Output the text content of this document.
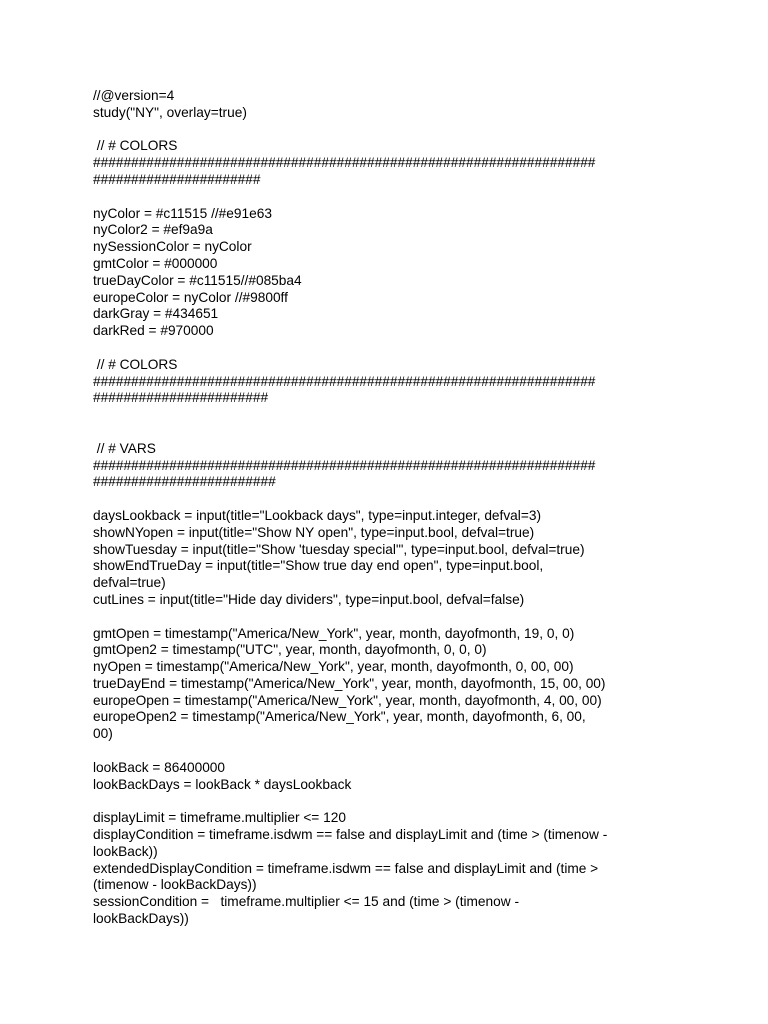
//@version=4
study("NY", overlay=true)
// # COLORS
##################################################################
######################
nyColor = #c11515 //#e91e63
nyColor2 = #ef9a9a
nySessionColor = nyColor
gmtColor = #000000
trueDayColor = #c11515//#085ba4
europeColor = nyColor //#9800ff
darkGray = #434651
darkRed = #970000
// # COLORS
##################################################################
#######################
// # VARS
##################################################################
########################
daysLookback = input(title="Lookback days", type=input.integer, defval=3)
showNYopen = input(title="Show NY open", type=input.bool, defval=true)
showTuesday = input(title="Show 'tuesday special'", type=input.bool, defval=true)
showEndTrueDay = input(title="Show true day end open", type=input.bool,
defval=true)
cutLines = input(title="Hide day dividers", type=input.bool, defval=false)
gmtOpen = timestamp("America/New_York", year, month, dayofmonth, 19, 0, 0)
gmtOpen2 = timestamp("UTC", year, month, dayofmonth, 0, 0, 0)
nyOpen = timestamp("America/New_York", year, month, dayofmonth, 0, 00, 00)
trueDayEnd = timestamp("America/New_York", year, month, dayofmonth, 15, 00, 00)
europeOpen = timestamp("America/New_York", year, month, dayofmonth, 4, 00, 00)
europeOpen2 = timestamp("America/New_York", year, month, dayofmonth, 6, 00,
00)
lookBack = 86400000
lookBackDays = lookBack * daysLookback
displayLimit = timeframe.multiplier <= 120
displayCondition = timeframe.isdwm == false and displayLimit and (time > (timenow -
lookBack))
extendedDisplayCondition = timeframe.isdwm == false and displayLimit and (time >
(timenow - lookBackDays))
sessionCondition =   timeframe.multiplier <= 15 and (time > (timenow -
lookBackDays))
